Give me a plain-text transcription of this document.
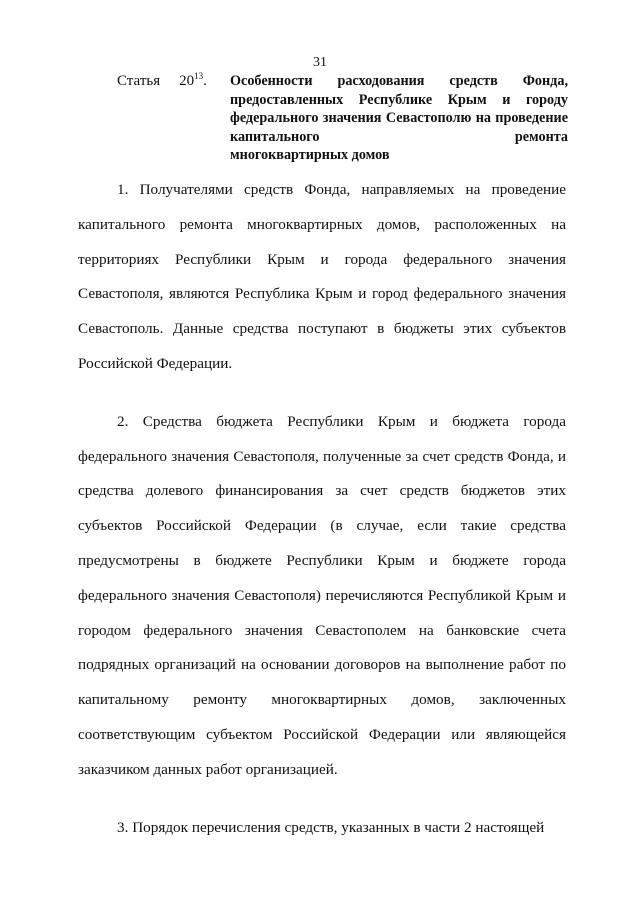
31
Статья $20^{13}$. Особенности расходования средств Фонда, предоставленных Республике Крым и городу федерального значения Севастополю на проведение капитального ремонта
многоквартирных домов

1. Получателями средств Фонда, направляемых на проведение капитального ремонта многоквартирных домов, расположенных на территориях Республики Крым и города федерального значения Севастополя, являются Республика Крым и город федерального значения Севастополь. Данные средства поступают в бюджеты этих субъектов Российской Федерации.

2. Средства бюджета Республики Крым и бюджета города федерального значения Севастополя, полученные за счет средств Фонда, и средства долевого финансирования за счет средств бюджетов этих субъектов Российской Федерации (в случае, если такие средства предусмотрены в бюджете Республики Крым и бюджете города федерального значения Севастополя) перечисляются Республикой Крым и городом федерального значения Севастополем на банковские счета подрядных организаций на основании договоров на выполнение работ по капитальному ремонту многоквартирных домов, заключенных соответствующим субъектом Российской Федерации или являющейся заказчиком данных работ организацией.

3. Порядок перечисления средств, указанных в части 2 настоящей
